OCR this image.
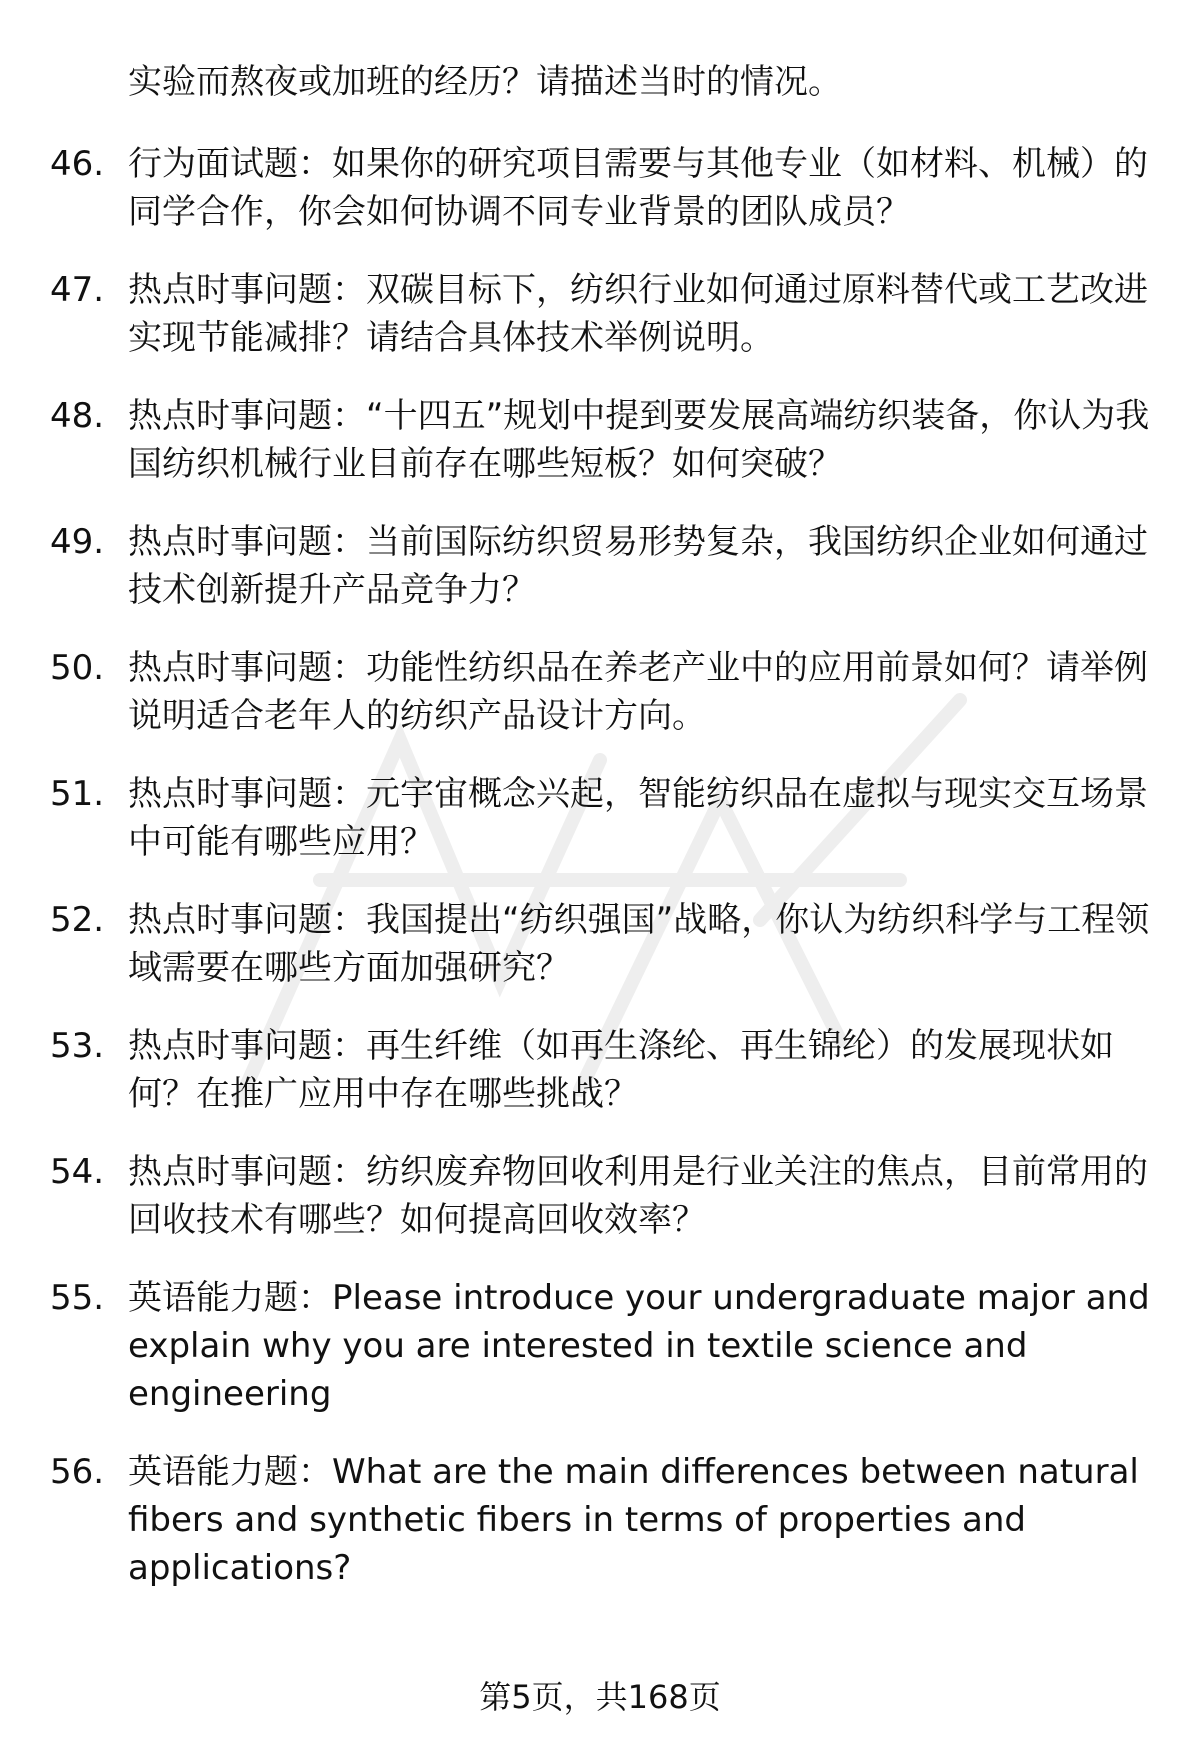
实验而熬夜或加班的经历？请描述当时的情况。
46. 行为面试题：如果你的研究项目需要与其他专业（如材料、机械）的同学合作，你会如何协调不同专业背景的团队成员？
47. 热点时事问题：双碳目标下，纺织行业如何通过原料替代或工艺改进实现节能减排？请结合具体技术举例说明。
48. 热点时事问题：“十四五”规划中提到要发展高端纺织装备，你认为我国纺织机械行业目前存在哪些短板？如何突破？
49. 热点时事问题：当前国际纺织贸易形势复杂，我国纺织企业如何通过技术创新提升产品竞争力？
50. 热点时事问题：功能性纺织品在养老产业中的应用前景如何？请举例说明适合老年人的纺织产品设计方向。
51. 热点时事问题：元宇宙概念兴起，智能纺织品在虚拟与现实交互场景中可能有哪些应用？
52. 热点时事问题：我国提出“纺织强国”战略，你认为纺织科学与工程领域需要在哪些方面加强研究？
53. 热点时事问题：再生纤维（如再生涤纶、再生锦纶）的发展现状如何？在推广应用中存在哪些挑战？
54. 热点时事问题：纺织废弃物回收利用是行业关注的焦点，目前常用的回收技术有哪些？如何提高回收效率？
55. 英语能力题：Please introduce your undergraduate major and explain why you are interested in textile science and engineering
56. 英语能力题：What are the main differences between natural fibers and synthetic fibers in terms of properties and applications?
第5页，共168页
